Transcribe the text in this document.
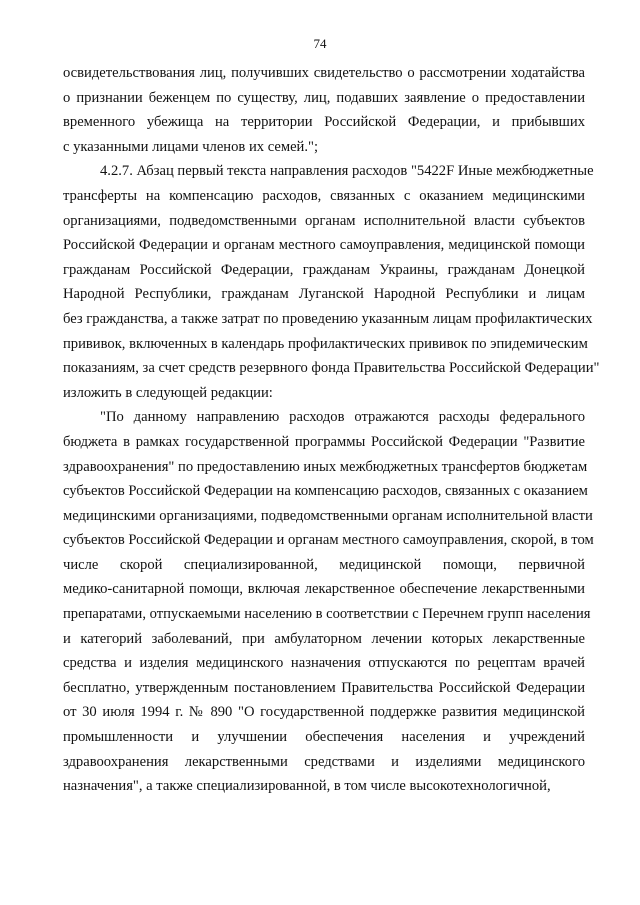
74
освидетельствования лиц, получивших свидетельство о рассмотрении ходатайства
о признании беженцем по существу, лиц, подавших заявление о предоставлении
временного убежища на территории Российской Федерации, и прибывших
с указанными лицами членов их семей.";
4.2.7. Абзац первый текста направления расходов "5422F Иные межбюджетные
трансферты на компенсацию расходов, связанных с оказанием медицинскими
организациями, подведомственными органам исполнительной власти субъектов
Российской Федерации и органам местного самоуправления, медицинской помощи
гражданам Российской Федерации, гражданам Украины, гражданам Донецкой
Народной Республики, гражданам Луганской Народной Республики и лицам
без гражданства, а также затрат по проведению указанным лицам профилактических
прививок, включенных в календарь профилактических прививок по эпидемическим
показаниям, за счет средств резервного фонда Правительства Российской Федерации"
изложить в следующей редакции:
"По данному направлению расходов отражаются расходы федерального
бюджета в рамках государственной программы Российской Федерации "Развитие
здравоохранения" по предоставлению иных межбюджетных трансфертов бюджетам
субъектов Российской Федерации на компенсацию расходов, связанных с оказанием
медицинскими организациями, подведомственными органам исполнительной власти
субъектов Российской Федерации и органам местного самоуправления, скорой, в том
числе скорой специализированной, медицинской помощи, первичной
медико-санитарной помощи, включая лекарственное обеспечение лекарственными
препаратами, отпускаемыми населению в соответствии с Перечнем групп населения
и категорий заболеваний, при амбулаторном лечении которых лекарственные
средства и изделия медицинского назначения отпускаются по рецептам врачей
бесплатно, утвержденным постановлением Правительства Российской Федерации
от 30 июля 1994 г. № 890 "О государственной поддержке развития медицинской
промышленности и улучшении обеспечения населения и учреждений
здравоохранения лекарственными средствами и изделиями медицинского
назначения", а также специализированной, в том числе высокотехнологичной,
